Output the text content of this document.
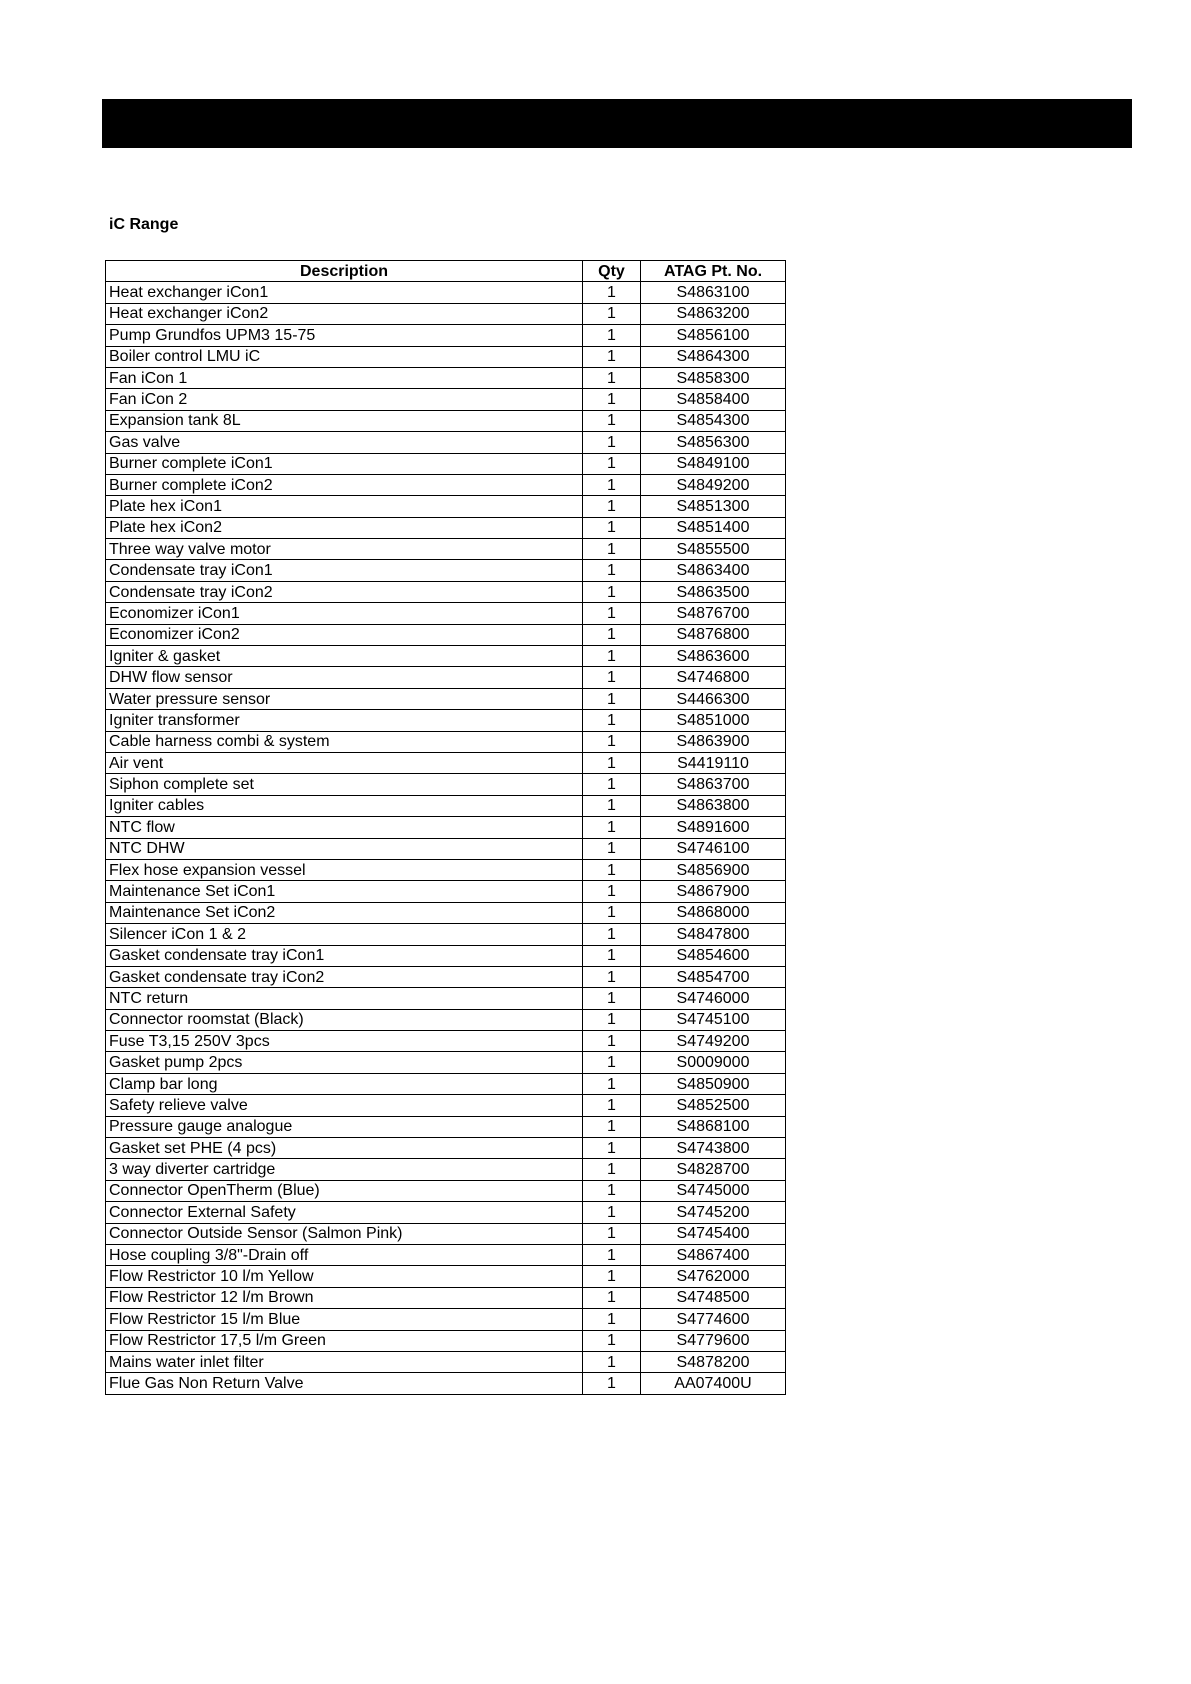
iC Range
Description	Qty	ATAG Pt. No.
Heat exchanger iCon1	1	S4863100
Heat exchanger iCon2	1	S4863200
Pump Grundfos UPM3 15-75	1	S4856100
Boiler control LMU iC	1	S4864300
Fan iCon 1	1	S4858300
Fan iCon 2	1	S4858400
Expansion tank 8L	1	S4854300
Gas valve	1	S4856300
Burner complete iCon1	1	S4849100
Burner complete iCon2	1	S4849200
Plate hex iCon1	1	S4851300
Plate hex iCon2	1	S4851400
Three way valve motor	1	S4855500
Condensate tray iCon1	1	S4863400
Condensate tray iCon2	1	S4863500
Economizer iCon1	1	S4876700
Economizer iCon2	1	S4876800
Igniter & gasket	1	S4863600
DHW flow sensor	1	S4746800
Water pressure sensor	1	S4466300
Igniter transformer	1	S4851000
Cable harness combi & system	1	S4863900
Air vent	1	S4419110
Siphon complete set	1	S4863700
Igniter cables	1	S4863800
NTC flow	1	S4891600
NTC DHW	1	S4746100
Flex hose expansion vessel	1	S4856900
Maintenance Set iCon1	1	S4867900
Maintenance Set iCon2	1	S4868000
Silencer iCon 1 & 2	1	S4847800
Gasket condensate tray iCon1	1	S4854600
Gasket condensate tray iCon2	1	S4854700
NTC return	1	S4746000
Connector roomstat (Black)	1	S4745100
Fuse T3,15 250V 3pcs	1	S4749200
Gasket pump 2pcs	1	S0009000
Clamp bar long	1	S4850900
Safety relieve valve	1	S4852500
Pressure gauge analogue	1	S4868100
Gasket set PHE (4 pcs)	1	S4743800
3 way diverter cartridge	1	S4828700
Connector OpenTherm (Blue)	1	S4745000
Connector External Safety	1	S4745200
Connector Outside Sensor (Salmon Pink)	1	S4745400
Hose coupling 3/8"-Drain off	1	S4867400
Flow Restrictor 10 l/m Yellow	1	S4762000
Flow Restrictor 12 l/m Brown	1	S4748500
Flow Restrictor 15 l/m Blue	1	S4774600
Flow Restrictor 17,5 l/m Green	1	S4779600
Mains water inlet filter	1	S4878200
Flue Gas Non Return Valve	1	AA07400U
